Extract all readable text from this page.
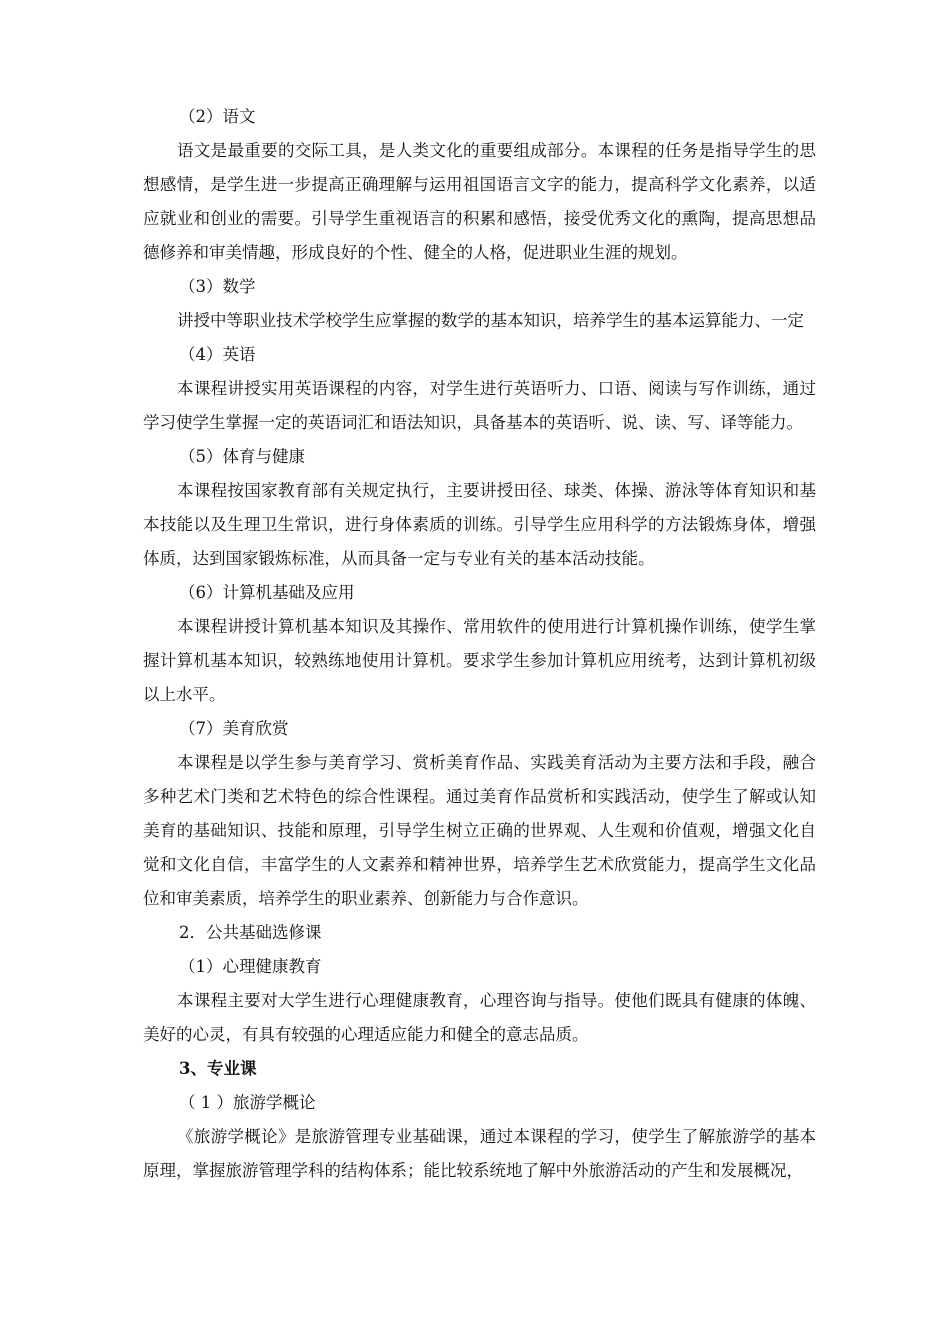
（2）语文

语文是最重要的交际工具，是人类文化的重要组成部分。本课程的任务是指导学生的思想感情，是学生进一步提高正确理解与运用祖国语言文字的能力，提高科学文化素养，以适应就业和创业的需要。引导学生重视语言的积累和感悟，接受优秀文化的熏陶，提高思想品德修养和审美情趣，形成良好的个性、健全的人格，促进职业生涯的规划。

（3）数学

讲授中等职业技术学校学生应掌握的数学的基本知识，培养学生的基本运算能力、一定

（4）英语

本课程讲授实用英语课程的内容，对学生进行英语听力、口语、阅读与写作训练，通过学习使学生掌握一定的英语词汇和语法知识，具备基本的英语听、说、读、写、译等能力。

（5）体育与健康

本课程按国家教育部有关规定执行，主要讲授田径、球类、体操、游泳等体育知识和基本技能以及生理卫生常识，进行身体素质的训练。引导学生应用科学的方法锻炼身体，增强体质，达到国家锻炼标准，从而具备一定与专业有关的基本活动技能。

（6）计算机基础及应用

本课程讲授计算机基本知识及其操作、常用软件的使用进行计算机操作训练，使学生掌握计算机基本知识，较熟练地使用计算机。要求学生参加计算机应用统考，达到计算机初级以上水平。

（7）美育欣赏

本课程是以学生参与美育学习、赏析美育作品、实践美育活动为主要方法和手段，融合多种艺术门类和艺术特色的综合性课程。通过美育作品赏析和实践活动，使学生了解或认知美育的基础知识、技能和原理，引导学生树立正确的世界观、人生观和价值观，增强文化自觉和文化自信，丰富学生的人文素养和精神世界，培养学生艺术欣赏能力，提高学生文化品位和审美素质，培养学生的职业素养、创新能力与合作意识。

2．公共基础选修课

（1）心理健康教育

本课程主要对大学生进行心理健康教育，心理咨询与指导。使他们既具有健康的体魄、美好的心灵，有具有较强的心理适应能力和健全的意志品质。

3、专业课

（ 1 ）旅游学概论

《旅游学概论》是旅游管理专业基础课，通过本课程的学习，使学生了解旅游学的基本原理，掌握旅游管理学科的结构体系；能比较系统地了解中外旅游活动的产生和发展概况，
